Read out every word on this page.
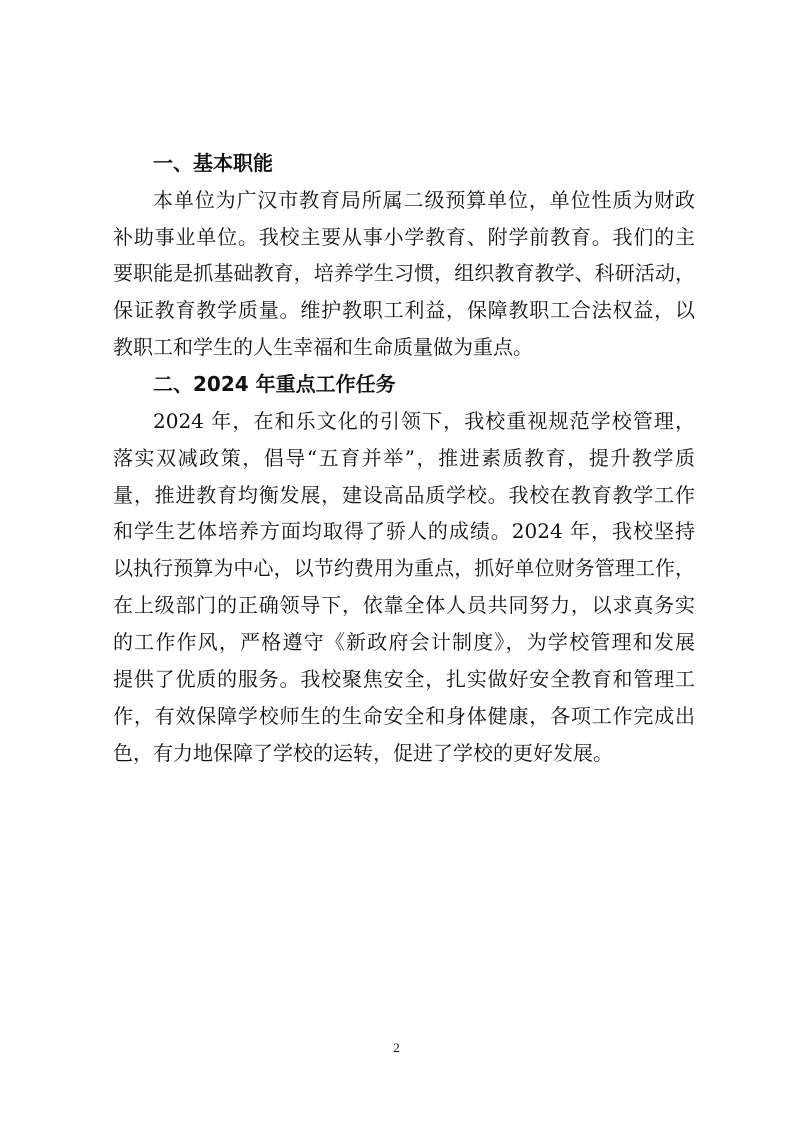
一、基本职能

本单位为广汉市教育局所属二级预算单位，单位性质为财政

补助事业单位。我校主要从事小学教育、附学前教育。我们的主

要职能是抓基础教育，培养学生习惯，组织教育教学、科研活动，

保证教育教学质量。维护教职工利益，保障教职工合法权益，以

教职工和学生的人生幸福和生命质量做为重点。

二、2024 年重点工作任务

2024 年，在和乐文化的引领下，我校重视规范学校管理，

落实双减政策，倡导“五育并举”，推进素质教育，提升教学质

量，推进教育均衡发展，建设高品质学校。我校在教育教学工作

和学生艺体培养方面均取得了骄人的成绩。2024 年，我校坚持

以执行预算为中心，以节约费用为重点，抓好单位财务管理工作，

在上级部门的正确领导下，依靠全体人员共同努力，以求真务实

的工作作风，严格遵守《新政府会计制度》，为学校管理和发展

提供了优质的服务。我校聚焦安全，扎实做好安全教育和管理工

作，有效保障学校师生的生命安全和身体健康，各项工作完成出

色，有力地保障了学校的运转，促进了学校的更好发展。

2
